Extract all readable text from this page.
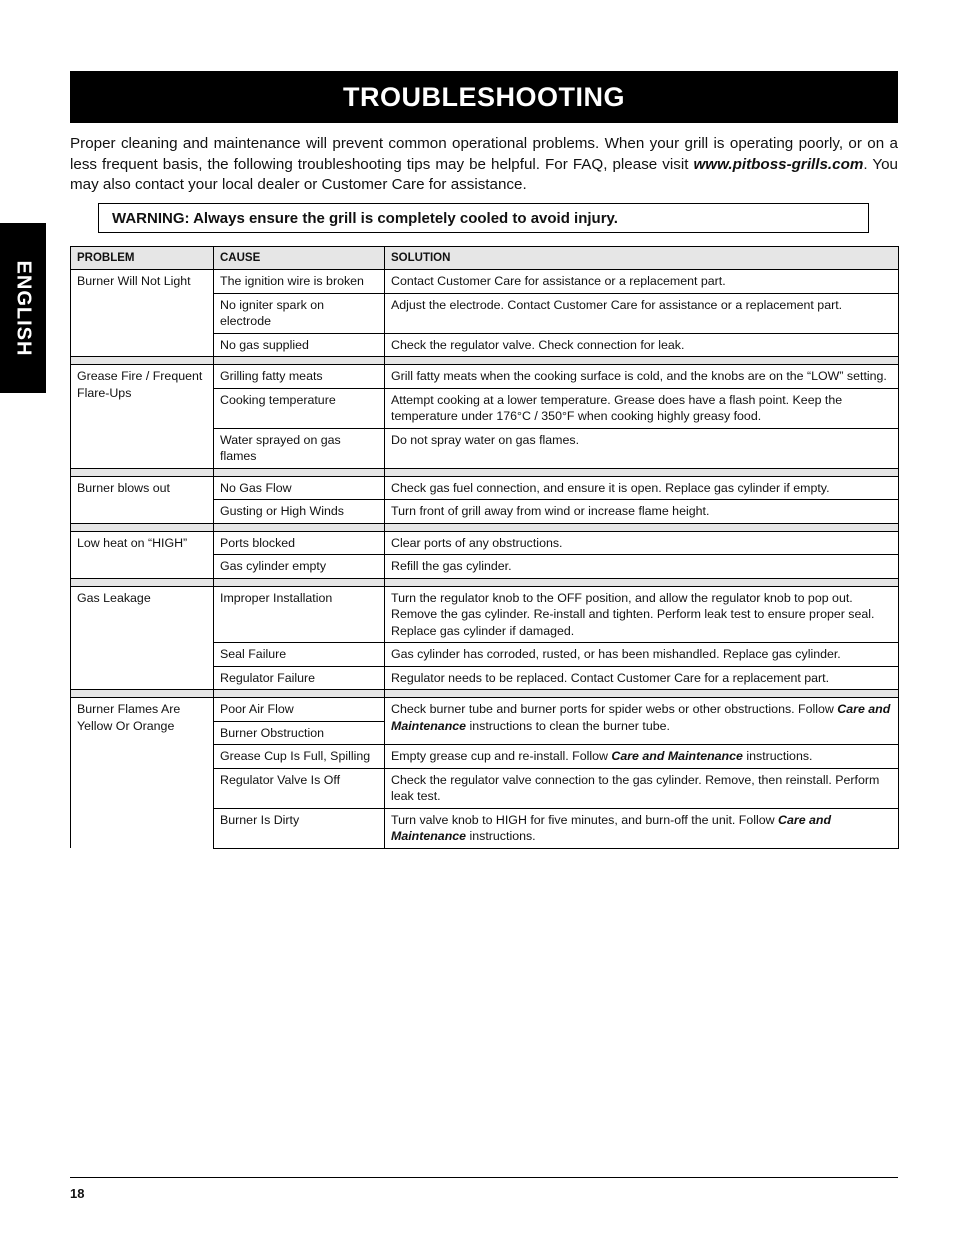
ENGLISH
TROUBLESHOOTING

Proper cleaning and maintenance will prevent common operational problems. When your grill is operating poorly, or on a less frequent basis, the following troubleshooting tips may be helpful. For FAQ, please visit www.pitboss-grills.com. You may also contact your local dealer or Customer Care for assistance.

WARNING: Always ensure the grill is completely cooled to avoid injury.
PROBLEM	CAUSE	SOLUTION
Burner Will Not Light	The ignition wire is broken	Contact Customer Care for assistance or a replacement part.
	No igniter spark on electrode	Adjust the electrode. Contact Customer Care for assistance or a replacement part.
	No gas supplied	Check the regulator valve. Check connection for leak.

Grease Fire / Frequent Flare-Ups	Grilling fatty meats	Grill fatty meats when the cooking surface is cold, and the knobs are on the “LOW” setting.
	Cooking temperature	Attempt cooking at a lower temperature. Grease does have a flash point. Keep the temperature under 176°C / 350°F when cooking highly greasy food.
	Water sprayed on gas flames	Do not spray water on gas flames.

Burner blows out	No Gas Flow	Check gas fuel connection, and ensure it is open. Replace gas cylinder if empty.
	Gusting or High Winds	Turn front of grill away from wind or increase flame height.

Low heat on “HIGH”	Ports blocked	Clear ports of any obstructions.
	Gas cylinder empty	Refill the gas cylinder.

Gas Leakage	Improper Installation	Turn the regulator knob to the OFF position, and allow the regulator knob to pop out. Remove the gas cylinder. Re-install and tighten. Perform leak test to ensure proper seal. Replace gas cylinder if damaged.
	Seal Failure	Gas cylinder has corroded, rusted, or has been mishandled. Replace gas cylinder.
	Regulator Failure	Regulator needs to be replaced. Contact Customer Care for a replacement part.

Burner Flames Are Yellow Or Orange	Poor Air Flow	Check burner tube and burner ports for spider webs or other obstructions. Follow Care and Maintenance instructions to clean the burner tube.
	Burner Obstruction	
	Grease Cup Is Full, Spilling	Empty grease cup and re-install. Follow Care and Maintenance instructions.
	Regulator Valve Is Off	Check the regulator valve connection to the gas cylinder. Remove, then reinstall. Perform leak test.
	Burner Is Dirty	Turn valve knob to HIGH for five minutes, and burn-off the unit. Follow Care and Maintenance instructions.
18
